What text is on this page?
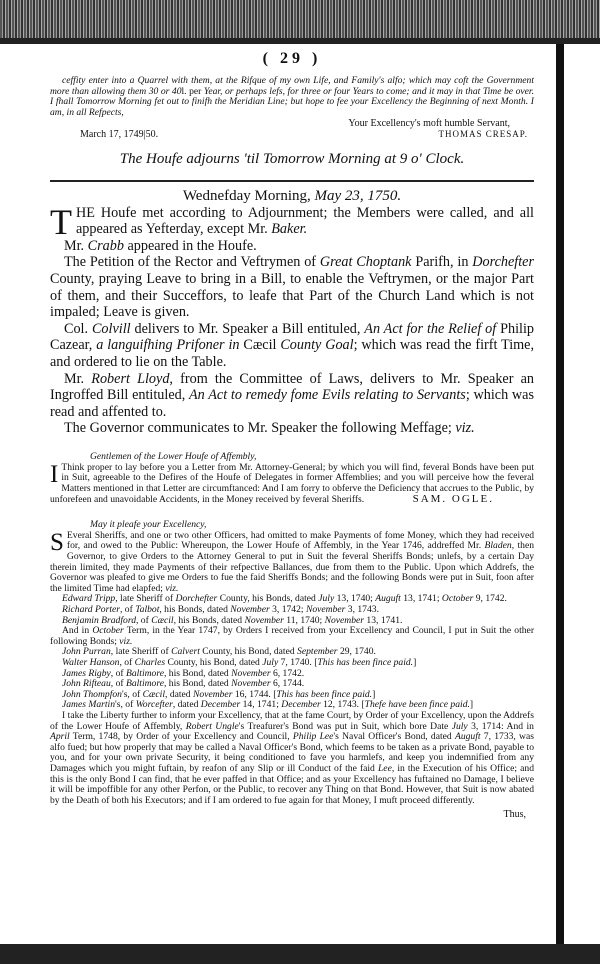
( 29 )

ceffity enter into a Quarrel with them, at the Rifque of my own Life, and Family's alfo; which may coft the Government more than allowing them 30 or 40l. per Year, or perhaps lefs, for three or four Years to come; and it may in that Time be over. I fhall Tomorrow Morning fet out to finifh the Meridian Line; but hope to fee your Excellency the Beginning of next Month. I am, in all Refpects,

Your Excellency's moft humble Servant,
THOMAS CRESAP.
March 17, 1749|50.
The Houfe adjourns 'til Tomorrow Morning at 9 o' Clock.
Wednefday Morning, May 23, 1750.
T HE Houfe met according to Adjournment; the Members were called, and all appeared as Yefterday, except Mr. Baker.

Mr. Crabb appeared in the Houfe.

The Petition of the Rector and Veftrymen of Great Choptank Parifh, in Dorchefter County, praying Leave to bring in a Bill, to enable the Veftrymen, or the major Part of them, and their Succeffors, to leafe that Part of the Church Land which is not impaled; Leave is given.

Col. Colvill delivers to Mr. Speaker a Bill entituled, An Act for the Relief of Philip Cazear, a languifhing Prifoner in Cæcil County Goal; which was read the firft Time, and ordered to lie on the Table.

Mr. Robert Lloyd, from the Committee of Laws, delivers to Mr. Speaker an Ingroffed Bill entituled, An Act to remedy fome Evils relating to Servants; which was read and affented to.

The Governor communicates to Mr. Speaker the following Meffage; viz.

Gentlemen of the Lower Houfe of Affembly,
I Think proper to lay before you a Letter from Mr. Attorney-General; by which you will find, feveral Bonds have been put in Suit, agreeable to the Defires of the Houfe of Delegates in former Affemblies; and you will perceive how the feveral Matters mentioned in that Letter are circumftanced: And I am forry to obferve the Deficiency that accrues to the Public, by unforefeen and unavoidable Accidents, in the Money received by feveral Sheriffs.	SAM. OGLE.
May it pleafe your Excellency,
S Everal Sheriffs, and one or two other Officers, had omitted to make Payments of fome Money, which they had received for, and owed to the Public: Whereupon, the Lower Houfe of Affembly, in the Year 1746, addreffed Mr. Bladen, then Governor, to give Orders to the Attorney General to put in Suit the feveral Sheriffs Bonds; unlefs, by a certain Day therein limited, they made Payments of their refpective Ballances, due from them to the Public. Upon which Addrefs, the Governor was pleafed to give me Orders to fue the faid Sheriffs Bonds; and the following Bonds were put in Suit, foon after the limited Time had elapfed; viz.

Edward Tripp, late Sheriff of Dorchefter County, his Bonds, dated July 13, 1740; Auguft 13, 1741; October 9, 1742.

Richard Porter, of Talbot, his Bonds, dated November 3, 1742; November 3, 1743.

Benjamin Bradford, of Cæcil, his Bonds, dated November 11, 1740; November 13, 1741.

And in October Term, in the Year 1747, by Orders I received from your Excellency and Council, I put in Suit the other following Bonds; viz.

John Purran, late Sheriff of Calvert County, his Bond, dated September 29, 1740.

Walter Hanson, of Charles County, his Bond, dated July 7, 1740. [This has been fince paid.]

James Rigby, of Baltimore, his Bond, dated November 6, 1742.

John Rifteau, of Baltimore, his Bond, dated November 6, 1744.

John Thompfon's, of Cæcil, dated November 16, 1744. [This has been fince paid.]

James Martin's, of Worcefter, dated December 14, 1741; December 12, 1743. [Thefe have been fince paid.]

I take the Liberty further to inform your Excellency, that at the fame Court, by Order of your Excellency, upon the Addrefs of the Lower Houfe of Affembly, Robert Ungle's Treafurer's Bond was put in Suit, which bore Date July 3, 1714: And in April Term, 1748, by Order of your Excellency and Council, Philip Lee's Naval Officer's Bond, dated Auguft 7, 1733, was alfo fued; but how properly that may be called a Naval Officer's Bond, which feems to be taken as a private Bond, payable to you, and for your own private Security, it being conditioned to fave you harmlefs, and keep you indemnified from any Damages which you might fuftain, by reafon of any Slip or ill Conduct of the faid Lee, in the Execution of his Office; and this is the only Bond I can find, that he ever paffed in that Office; and as your Excellency has fuftained no Damage, I believe it will be impoffible for any other Perfon, or the Public, to recover any Thing on that Bond. However, that Suit is now abated by the Death of both his Executors; and if I am ordered to fue again for that Money, I muft proceed differently.

Thus,
